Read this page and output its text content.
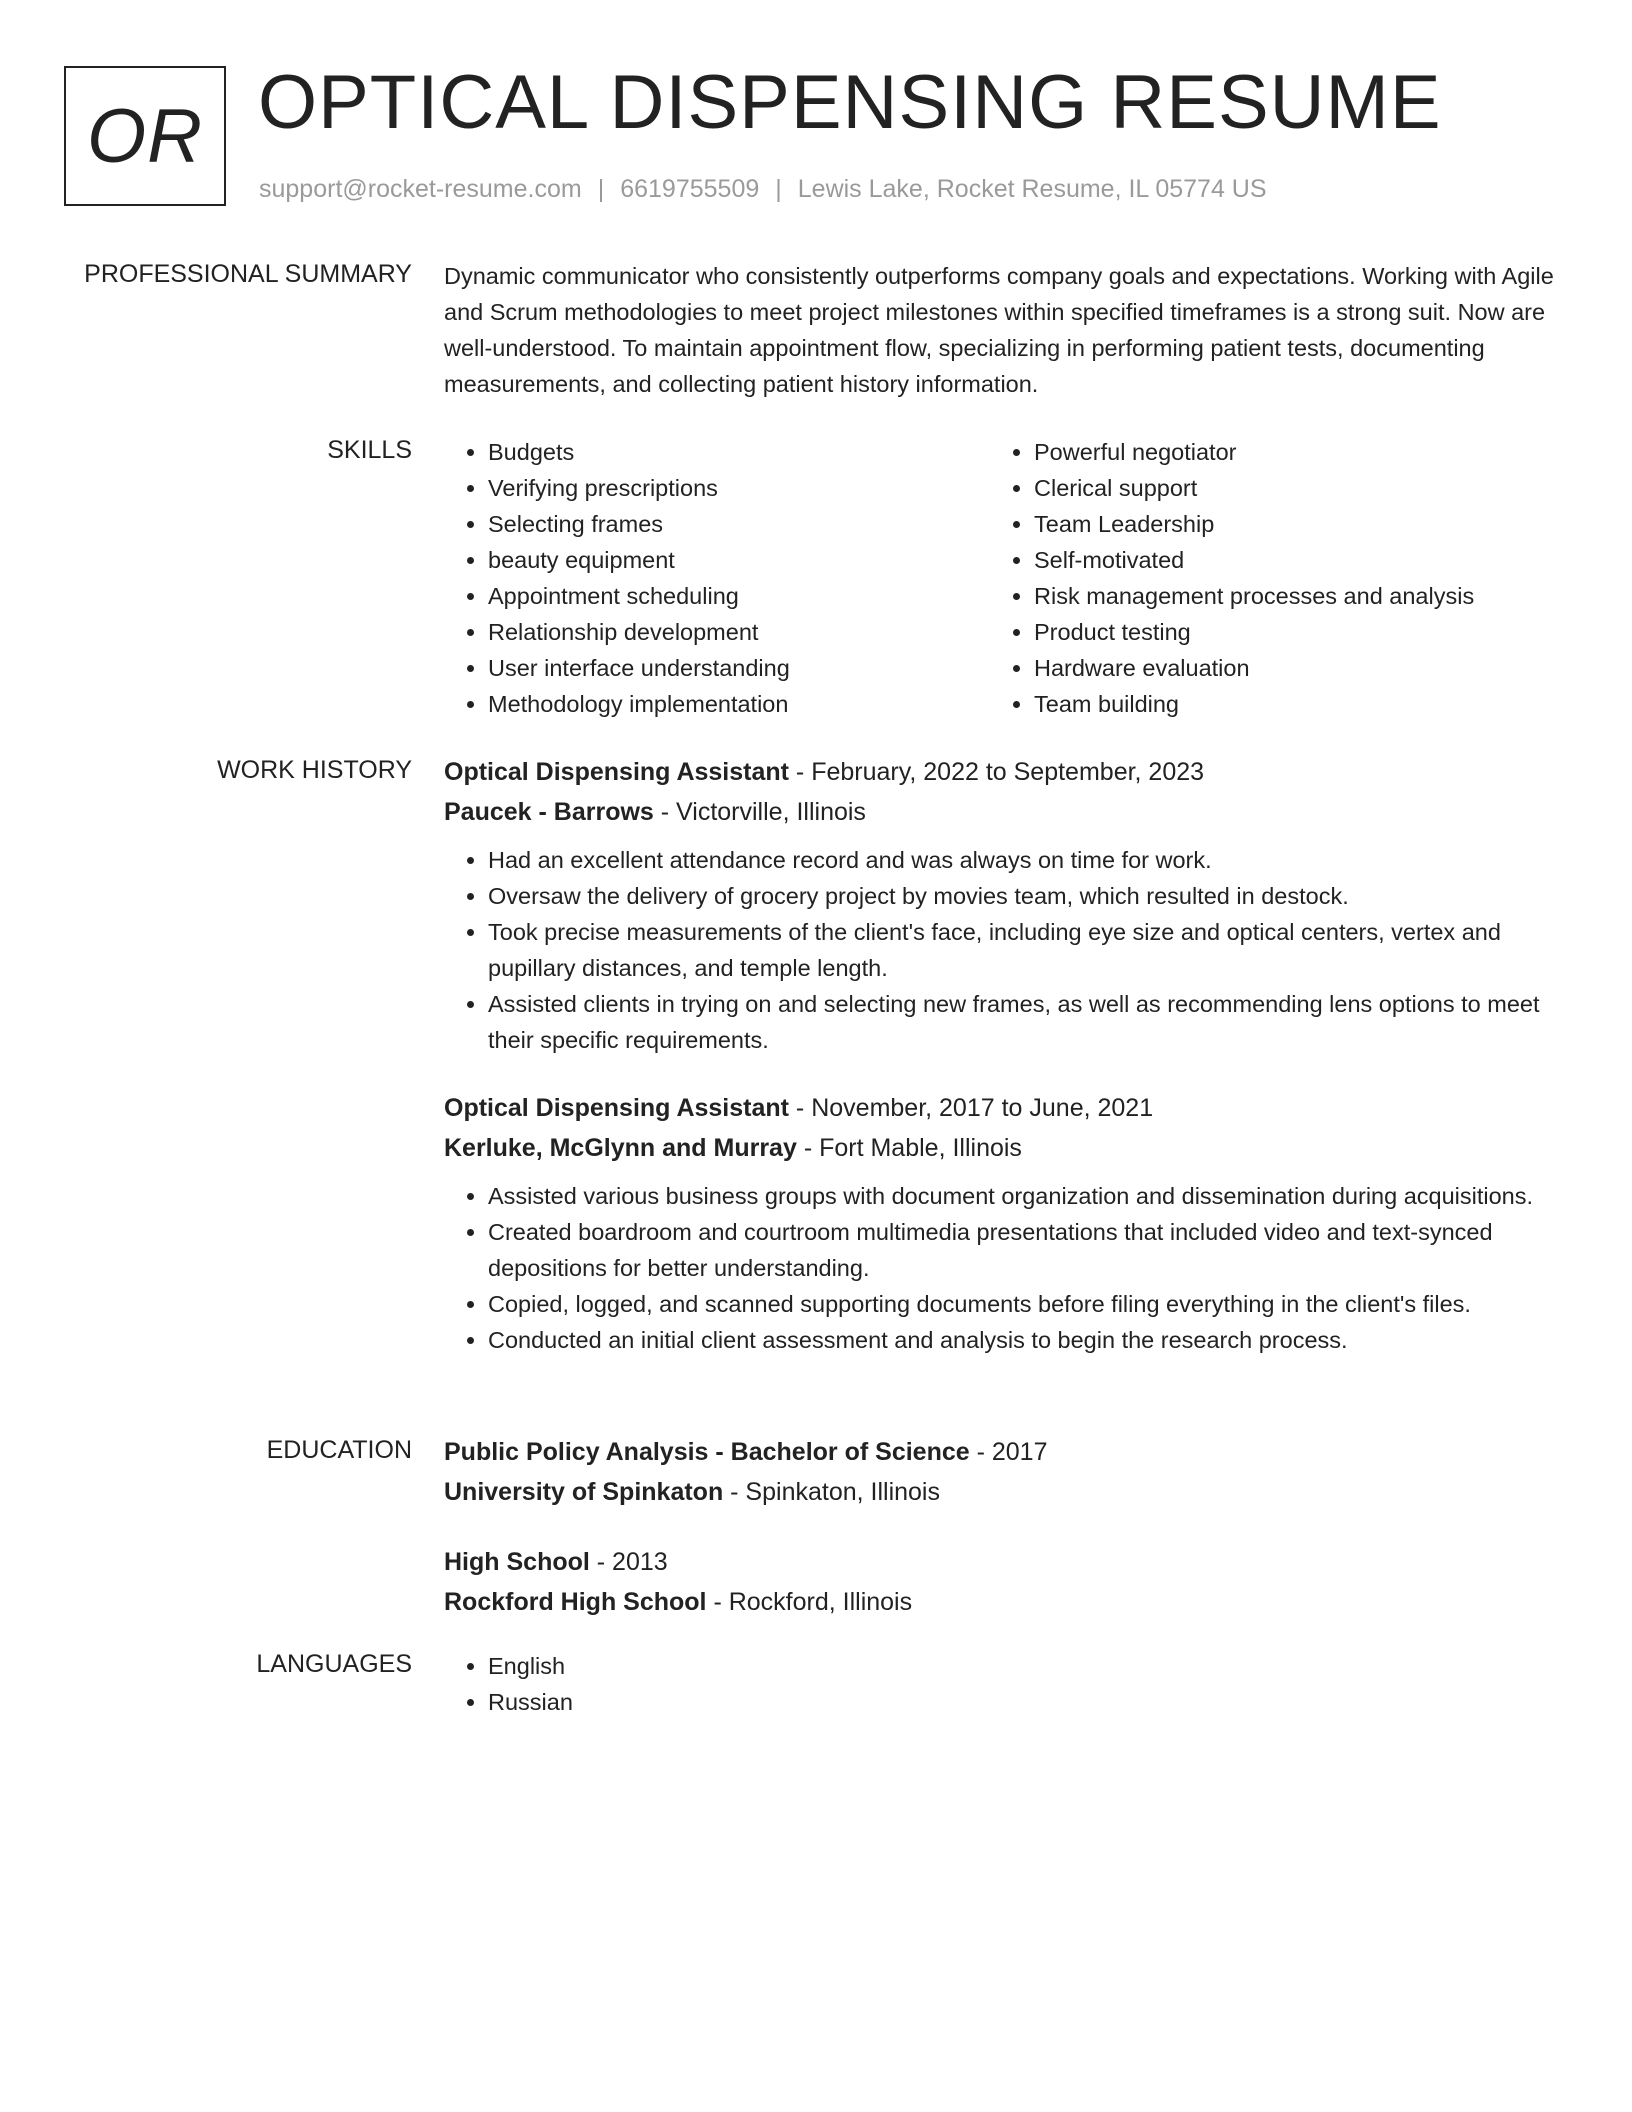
OR OPTICAL DISPENSING RESUME
support@rocket-resume.com | 6619755509 | Lewis Lake, Rocket Resume, IL 05774 US
PROFESSIONAL SUMMARY Dynamic communicator who consistently outperforms company goals and expectations. Working with Agile and Scrum methodologies to meet project milestones within specified timeframes is a strong suit. Now are well-understood. To maintain appointment flow, specializing in performing patient tests, documenting measurements, and collecting patient history information.

SKILLS	• Budgets
• Verifying prescriptions
• Selecting frames
• beauty equipment
• Appointment scheduling
• Relationship development
• User interface understanding
• Methodology implementation
• Powerful negotiator
• Clerical support
• Team Leadership
• Self-motivated
• Risk management processes and analysis
• Product testing
• Hardware evaluation
• Team building
WORK HISTORY Optical Dispensing Assistant - February, 2022 to September, 2023
Paucek - Barrows - Victorville, Illinois
• Had an excellent attendance record and was always on time for work.
• Oversaw the delivery of grocery project by movies team, which resulted in destock.
• Took precise measurements of the client's face, including eye size and optical centers, vertex and pupillary distances, and temple length.
• Assisted clients in trying on and selecting new frames, as well as recommending lens options to meet their specific requirements.
Optical Dispensing Assistant - November, 2017 to June, 2021
Kerluke, McGlynn and Murray - Fort Mable, Illinois
• Assisted various business groups with document organization and dissemination during acquisitions.
• Created boardroom and courtroom multimedia presentations that included video and text-synced depositions for better understanding.
• Copied, logged, and scanned supporting documents before filing everything in the client's files.
• Conducted an initial client assessment and analysis to begin the research process.
EDUCATION Public Policy Analysis - Bachelor of Science - 2017
University of Spinkaton - Spinkaton, Illinois
High School - 2013
Rockford High School - Rockford, Illinois
LANGUAGES	• English
• Russian
